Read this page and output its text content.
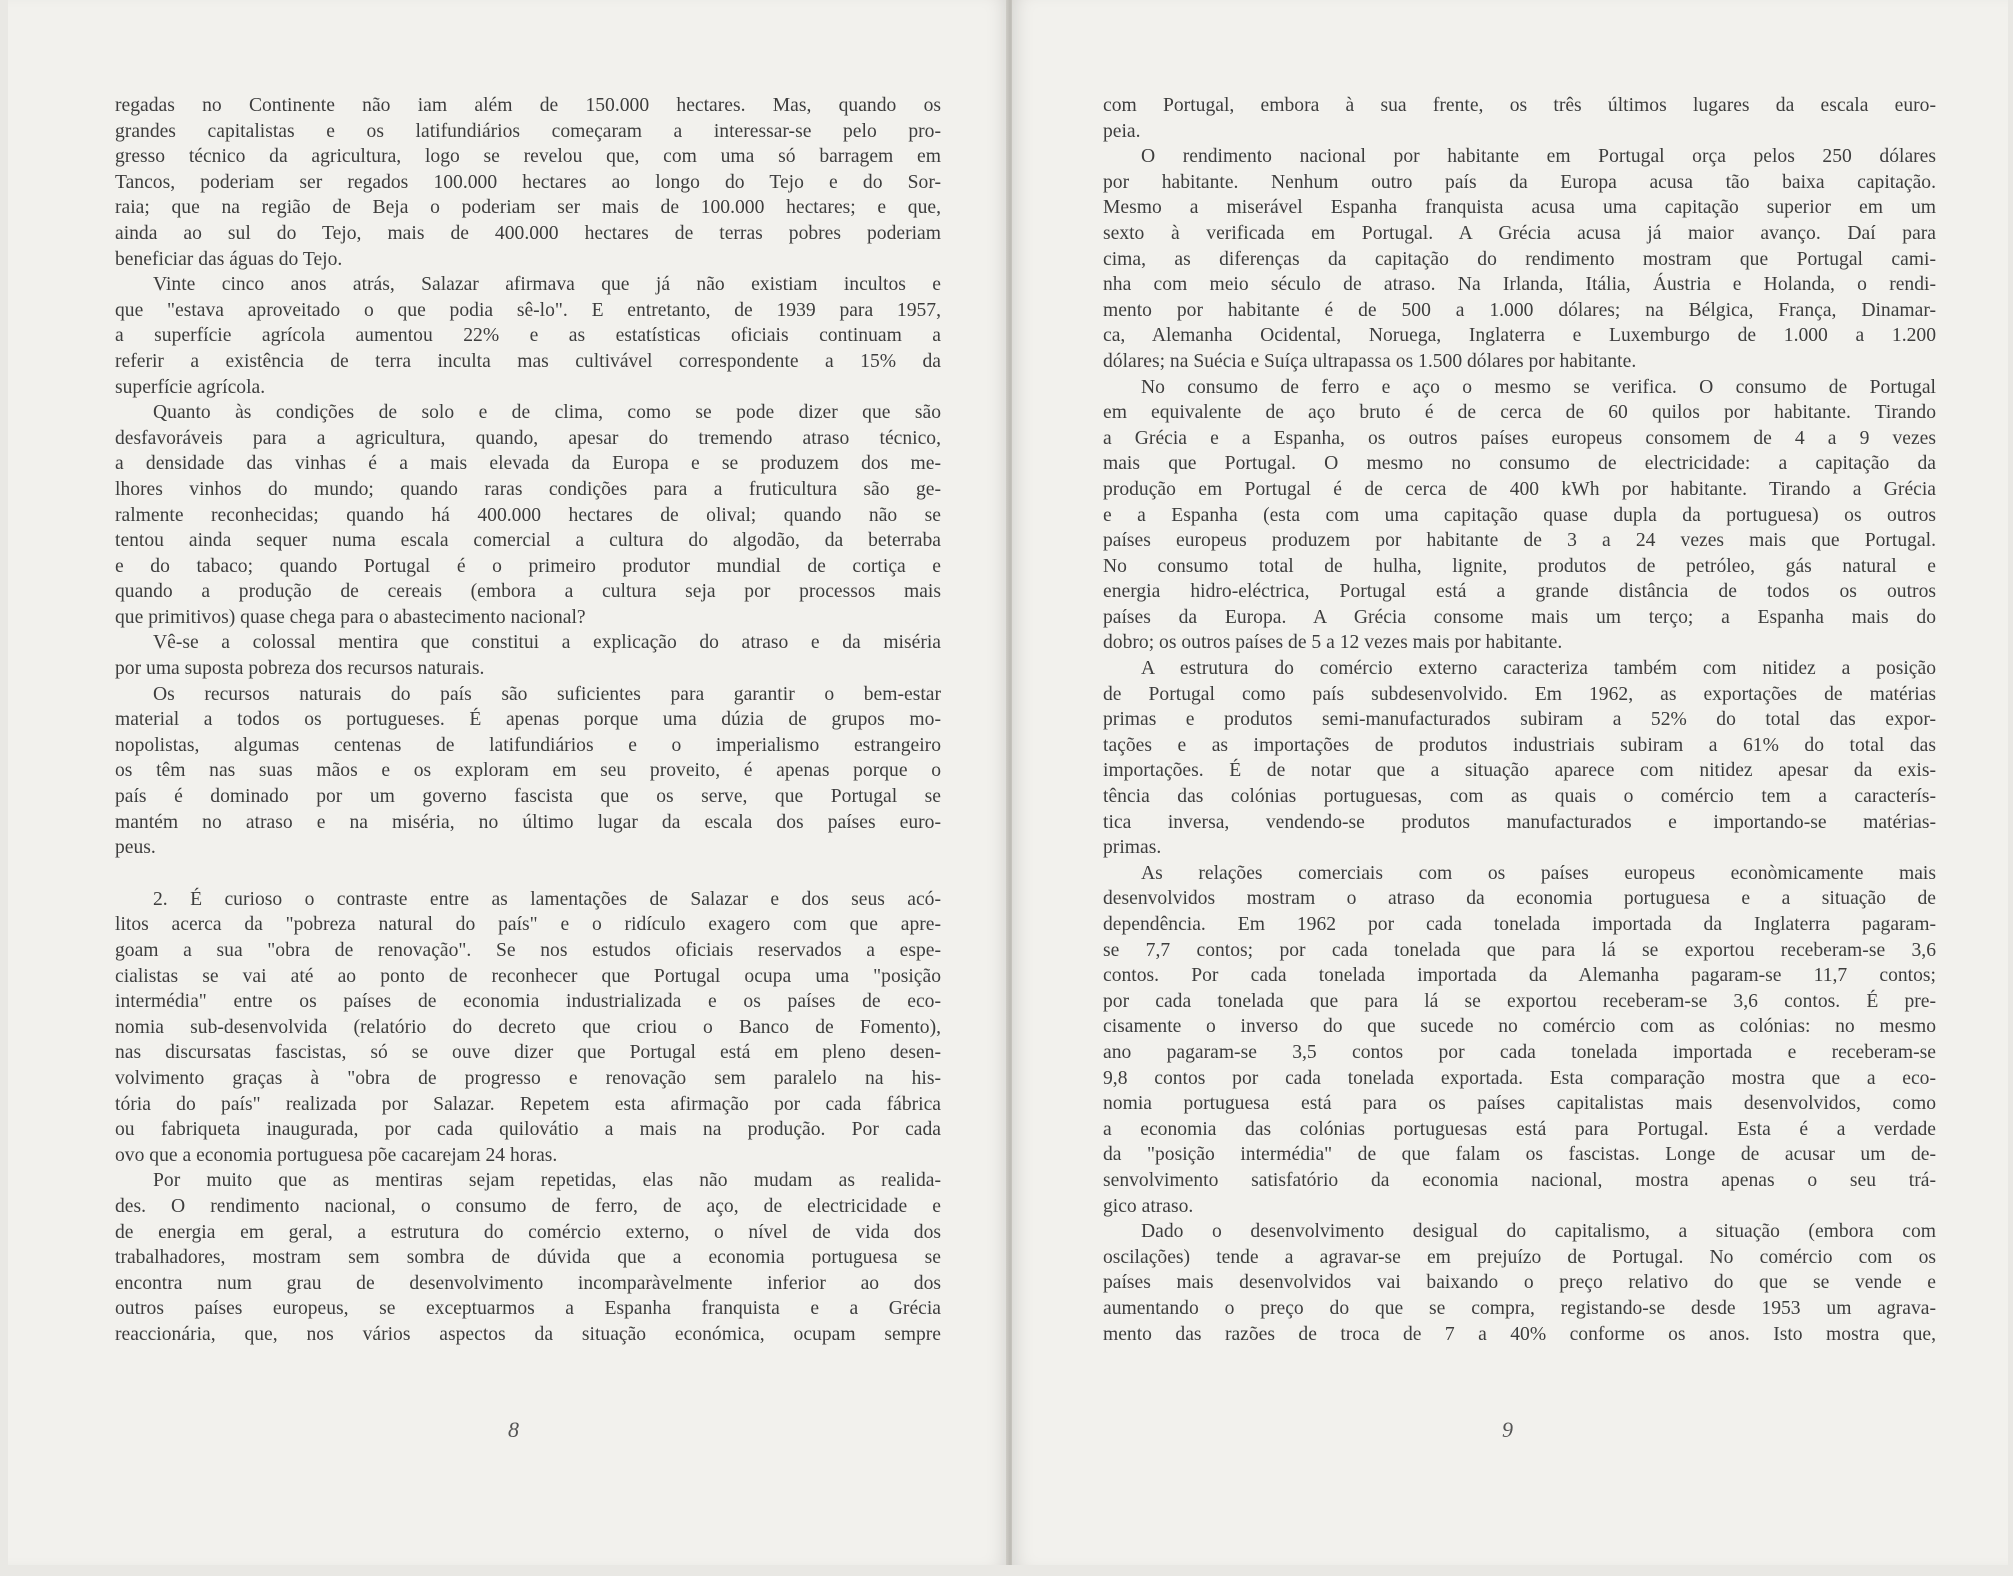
regadas no Continente não iam além de 150.000 hectares. Mas, quando os
grandes capitalistas e os latifundiários começaram a interessar-se pelo pro-
gresso técnico da agricultura, logo se revelou que, com uma só barragem em
Tancos, poderiam ser regados 100.000 hectares ao longo do Tejo e do Sor-
raia; que na região de Beja o poderiam ser mais de 100.000 hectares; e que,
ainda ao sul do Tejo, mais de 400.000 hectares de terras pobres poderiam
beneficiar das águas do Tejo.
Vinte cinco anos atrás, Salazar afirmava que já não existiam incultos e
que "estava aproveitado o que podia sê-lo". E entretanto, de 1939 para 1957,
a superfície agrícola aumentou 22% e as estatísticas oficiais continuam a
referir a existência de terra inculta mas cultivável correspondente a 15% da
superfície agrícola.
Quanto às condições de solo e de clima, como se pode dizer que são
desfavoráveis para a agricultura, quando, apesar do tremendo atraso técnico,
a densidade das vinhas é a mais elevada da Europa e se produzem dos me-
lhores vinhos do mundo; quando raras condições para a fruticultura são ge-
ralmente reconhecidas; quando há 400.000 hectares de olival; quando não se
tentou ainda sequer numa escala comercial a cultura do algodão, da beterraba
e do tabaco; quando Portugal é o primeiro produtor mundial de cortiça e
quando a produção de cereais (embora a cultura seja por processos mais
que primitivos) quase chega para o abastecimento nacional?
Vê-se a colossal mentira que constitui a explicação do atraso e da miséria
por uma suposta pobreza dos recursos naturais.
Os recursos naturais do país são suficientes para garantir o bem-estar
material a todos os portugueses. É apenas porque uma dúzia de grupos mo-
nopolistas, algumas centenas de latifundiários e o imperialismo estrangeiro
os têm nas suas mãos e os exploram em seu proveito, é apenas porque o
país é dominado por um governo fascista que os serve, que Portugal se
mantém no atraso e na miséria, no último lugar da escala dos países euro-
peus.
2. É curioso o contraste entre as lamentações de Salazar e dos seus acó-
litos acerca da "pobreza natural do país" e o ridículo exagero com que apre-
goam a sua "obra de renovação". Se nos estudos oficiais reservados a espe-
cialistas se vai até ao ponto de reconhecer que Portugal ocupa uma "posição
intermédia" entre os países de economia industrializada e os países de eco-
nomia sub-desenvolvida (relatório do decreto que criou o Banco de Fomento),
nas discursatas fascistas, só se ouve dizer que Portugal está em pleno desen-
volvimento graças à "obra de progresso e renovação sem paralelo na his-
tória do país" realizada por Salazar. Repetem esta afirmação por cada fábrica
ou fabriqueta inaugurada, por cada quilovátio a mais na produção. Por cada
ovo que a economia portuguesa põe cacarejam 24 horas.
Por muito que as mentiras sejam repetidas, elas não mudam as realida-
des. O rendimento nacional, o consumo de ferro, de aço, de electricidade e
de energia em geral, a estrutura do comércio externo, o nível de vida dos
trabalhadores, mostram sem sombra de dúvida que a economia portuguesa se
encontra num grau de desenvolvimento incomparàvelmente inferior ao dos
outros países europeus, se exceptuarmos a Espanha franquista e a Grécia
reaccionária, que, nos vários aspectos da situação económica, ocupam sempre
8
com Portugal, embora à sua frente, os três últimos lugares da escala euro-
peia.
O rendimento nacional por habitante em Portugal orça pelos 250 dólares
por habitante. Nenhum outro país da Europa acusa tão baixa capitação.
Mesmo a miserável Espanha franquista acusa uma capitação superior em um
sexto à verificada em Portugal. A Grécia acusa já maior avanço. Daí para
cima, as diferenças da capitação do rendimento mostram que Portugal cami-
nha com meio século de atraso. Na Irlanda, Itália, Áustria e Holanda, o rendi-
mento por habitante é de 500 a 1.000 dólares; na Bélgica, França, Dinamar-
ca, Alemanha Ocidental, Noruega, Inglaterra e Luxemburgo de 1.000 a 1.200
dólares; na Suécia e Suíça ultrapassa os 1.500 dólares por habitante.
No consumo de ferro e aço o mesmo se verifica. O consumo de Portugal
em equivalente de aço bruto é de cerca de 60 quilos por habitante. Tirando
a Grécia e a Espanha, os outros países europeus consomem de 4 a 9 vezes
mais que Portugal. O mesmo no consumo de electricidade: a capitação da
produção em Portugal é de cerca de 400 kWh por habitante. Tirando a Grécia
e a Espanha (esta com uma capitação quase dupla da portuguesa) os outros
países europeus produzem por habitante de 3 a 24 vezes mais que Portugal.
No consumo total de hulha, lignite, produtos de petróleo, gás natural e
energia hidro-eléctrica, Portugal está a grande distância de todos os outros
países da Europa. A Grécia consome mais um terço; a Espanha mais do
dobro; os outros países de 5 a 12 vezes mais por habitante.
A estrutura do comércio externo caracteriza também com nitidez a posição
de Portugal como país subdesenvolvido. Em 1962, as exportações de matérias
primas e produtos semi-manufacturados subiram a 52% do total das expor-
tações e as importações de produtos industriais subiram a 61% do total das
importações. É de notar que a situação aparece com nitidez apesar da exis-
tência das colónias portuguesas, com as quais o comércio tem a caracterís-
tica inversa, vendendo-se produtos manufacturados e importando-se matérias-
primas.
As relações comerciais com os países europeus econòmicamente mais
desenvolvidos mostram o atraso da economia portuguesa e a situação de
dependência. Em 1962 por cada tonelada importada da Inglaterra pagaram-
se 7,7 contos; por cada tonelada que para lá se exportou receberam-se 3,6
contos. Por cada tonelada importada da Alemanha pagaram-se 11,7 contos;
por cada tonelada que para lá se exportou receberam-se 3,6 contos. É pre-
cisamente o inverso do que sucede no comércio com as colónias: no mesmo
ano pagaram-se 3,5 contos por cada tonelada importada e receberam-se
9,8 contos por cada tonelada exportada. Esta comparação mostra que a eco-
nomia portuguesa está para os países capitalistas mais desenvolvidos, como
a economia das colónias portuguesas está para Portugal. Esta é a verdade
da "posição intermédia" de que falam os fascistas. Longe de acusar um de-
senvolvimento satisfatório da economia nacional, mostra apenas o seu trá-
gico atraso.
Dado o desenvolvimento desigual do capitalismo, a situação (embora com
oscilações) tende a agravar-se em prejuízo de Portugal. No comércio com os
países mais desenvolvidos vai baixando o preço relativo do que se vende e
aumentando o preço do que se compra, registando-se desde 1953 um agrava-
mento das razões de troca de 7 a 40% conforme os anos. Isto mostra que,
9
